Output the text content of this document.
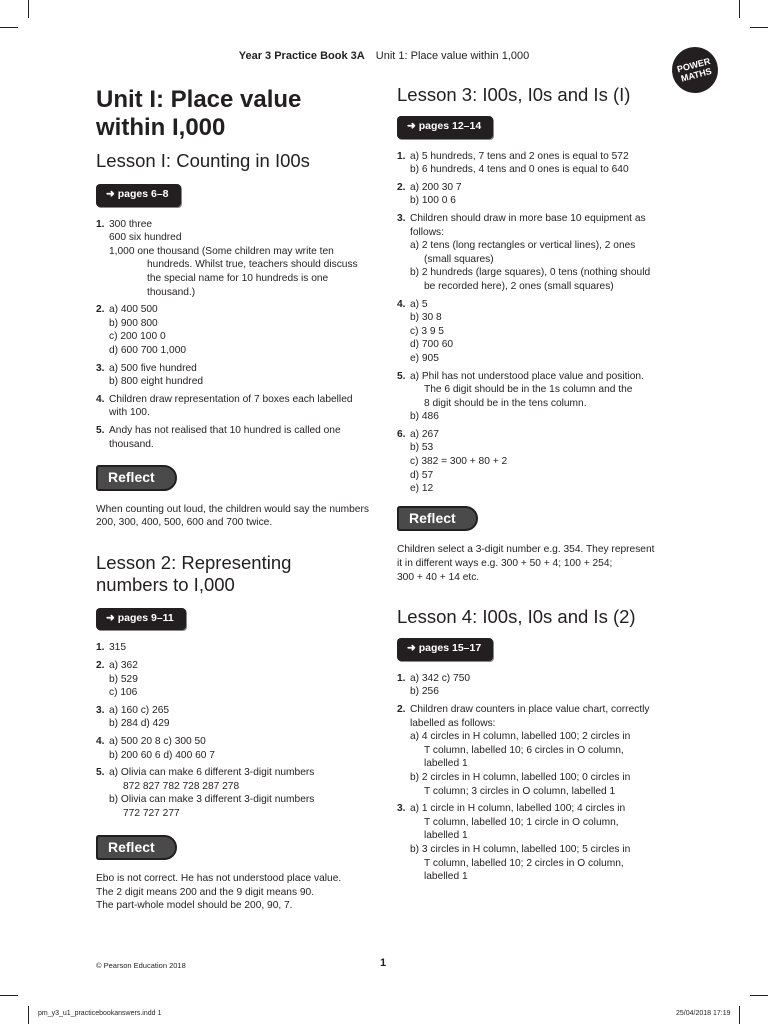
Year 3 Practice Book 3A Unit 1: Place value within 1,000	POWER MATHS
Unit I: Place value
within I,000
Lesson I: Counting in I00s
➜ pages 6–8
1. 300 three
600 six hundred
1,000 one thousand (Some children may write ten
hundreds. Whilst true, teachers should discuss
the special name for 10 hundreds is one
thousand.)
2. a) 400 500
b) 900 800
c) 200 100 0
d) 600 700 1,000
3. a) 500 five hundred
b) 800 eight hundred
4. Children draw representation of 7 boxes each labelled
with 100.
5. Andy has not realised that 10 hundred is called one
thousand.
Reflect

When counting out loud, the children would say the numbers 200, 300, 400, 500, 600 and 700 twice.

Lesson 2: Representing
numbers to I,000
➜ pages 9–11
1. 315
2. a) 362
b) 529
c) 106
3. a) 160 c) 265
b) 284 d) 429
4. a) 500 20 8 c) 300 50
b) 200 60 6 d) 400 60 7
5. a) Olivia can make 6 different 3-digit numbers
872 827 782 728 287 278
b) Olivia can make 3 different 3-digit numbers
772 727 277
Reflect
Ebo is not correct. He has not understood place value.
The 2 digit means 200 and the 9 digit means 90.
The part-whole model should be 200, 90, 7.
Lesson 3: I00s, I0s and Is (I)
➜ pages 12–14
1. a) 5 hundreds, 7 tens and 2 ones is equal to 572
b) 6 hundreds, 4 tens and 0 ones is equal to 640
2. a) 200 30 7
b) 100 0 6
3. Children should draw in more base 10 equipment as
follows:
a) 2 tens (long rectangles or vertical lines), 2 ones
(small squares)
b) 2 hundreds (large squares), 0 tens (nothing should
be recorded here), 2 ones (small squares)
4. a) 5
b) 30 8
c) 3 9 5
d) 700 60
e) 905
5. a) Phil has not understood place value and position.
The 6 digit should be in the 1s column and the
8 digit should be in the tens column.
b) 486
6. a) 267
b) 53
c) 382 = 300 + 80 + 2
d) 57
e) 12
Reflect
Children select a 3-digit number e.g. 354. They represent
it in different ways e.g. 300 + 50 + 4; 100 + 254;
300 + 40 + 14 etc.
Lesson 4: I00s, I0s and Is (2)
➜ pages 15–17
1. a) 342 c) 750
b) 256
2. Children draw counters in place value chart, correctly
labelled as follows:
a) 4 circles in H column, labelled 100; 2 circles in
T column, labelled 10; 6 circles in O column,
labelled 1
b) 2 circles in H column, labelled 100; 0 circles in
T column; 3 circles in O column, labelled 1
3. a) 1 circle in H column, labelled 100; 4 circles in
T column, labelled 10; 1 circle in O column,
labelled 1
b) 3 circles in H column, labelled 100; 5 circles in
T column, labelled 10; 2 circles in O column,
labelled 1
© Pearson Education 2018	1
pm_y3_u1_practicebookanswers.indd 1	25/04/2018 17:19
